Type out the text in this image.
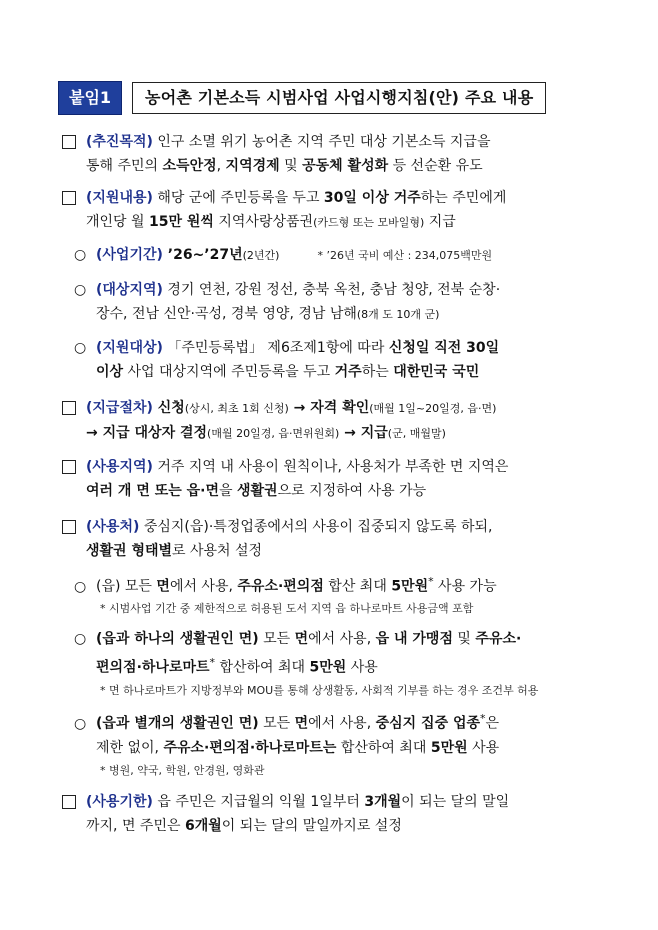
붙임1	농어촌 기본소득 시범사업 사업시행지침(안) 주요 내용
(추진목적) 인구 소멸 위기 농어촌 지역 주민 대상 기본소득 지급을
통해 주민의 소득안정, 지역경제 및 공동체 활성화 등 선순환 유도
(지원내용) 해당 군에 주민등록을 두고 30일 이상 거주하는 주민에게
개인당 월 15만 원씩 지역사랑상품권(카드형 또는 모바일형) 지급
○ (사업기간) ’26~’27년(2년간)	* ’26년 국비 예산 : 234,075백만원
○ (대상지역) 경기 연천, 강원 정선, 충북 옥천, 충남 청양, 전북 순창·
장수, 전남 신안·곡성, 경북 영양, 경남 남해(8개 도 10개 군)
○ (지원대상) 「주민등록법」 제6조제1항에 따라 신청일 직전 30일
이상 사업 대상지역에 주민등록을 두고 거주하는 대한민국 국민
(지급절차) 신청(상시, 최초 1회 신청) → 자격 확인(매월 1일~20일경, 읍·면)
→ 지급 대상자 결정(매월 20일경, 읍·면위원회) → 지급(군, 매월말)
(사용지역) 거주 지역 내 사용이 원칙이나, 사용처가 부족한 면 지역은
여러 개 면 또는 읍·면을 생활권으로 지정하여 사용 가능
(사용처) 중심지(읍)·특정업종에서의 사용이 집중되지 않도록 하되,
생활권 형태별로 사용처 설정
○ (읍) 모든 면에서 사용, 주유소·편의점 합산 최대 5만원* 사용 가능
* 시범사업 기간 중 제한적으로 허용된 도서 지역 읍 하나로마트 사용금액 포함
○ (읍과 하나의 생활권인 면) 모든 면에서 사용, 읍 내 가맹점 및 주유소·
편의점·하나로마트* 합산하여 최대 5만원 사용
* 면 하나로마트가 지방정부와 MOU를 통해 상생활동, 사회적 기부를 하는 경우 조건부 허용
○ (읍과 별개의 생활권인 면) 모든 면에서 사용, 중심지 집중 업종*은
제한 없이, 주유소·편의점·하나로마트는 합산하여 최대 5만원 사용
* 병원, 약국, 학원, 안경원, 영화관
(사용기한) 읍 주민은 지급월의 익월 1일부터 3개월이 되는 달의 말일
까지, 면 주민은 6개월이 되는 달의 말일까지로 설정
